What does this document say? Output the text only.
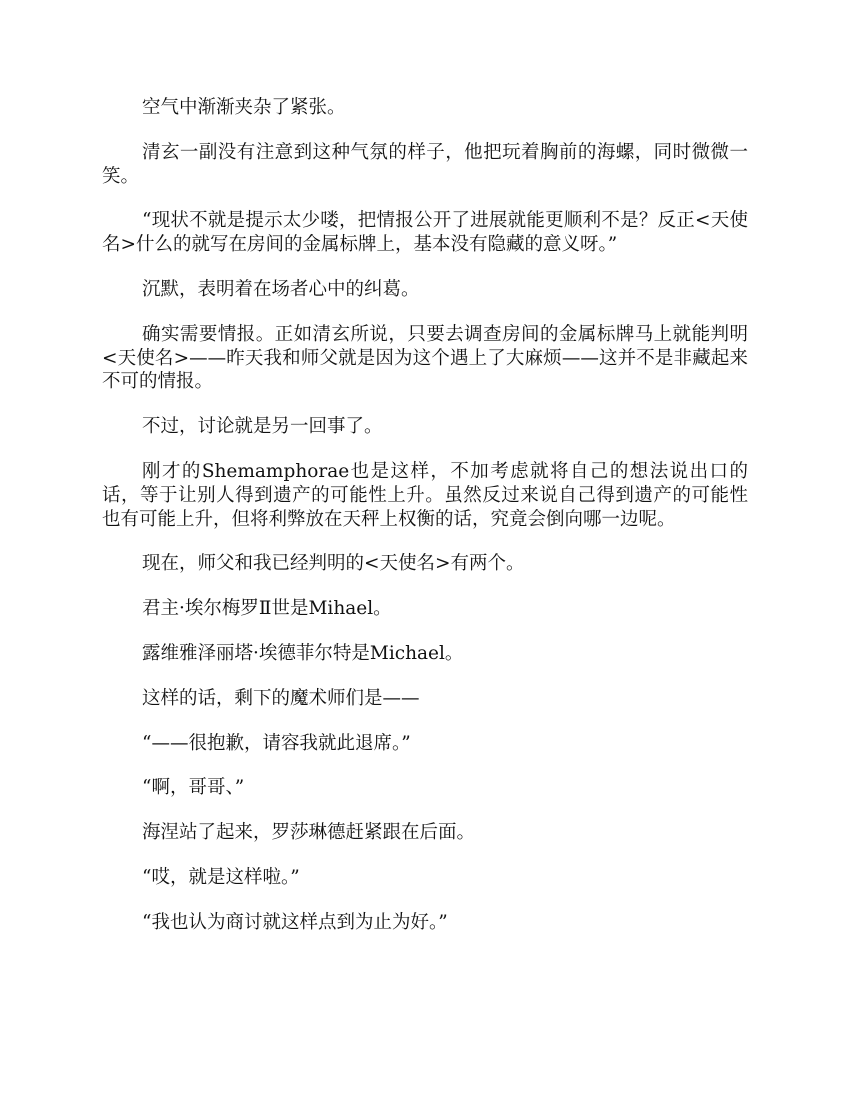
空气中渐渐夹杂了紧张。

清玄一副没有注意到这种气氛的样子，他把玩着胸前的海螺，同时微微一笑。

“现状不就是提示太少喽，把情报公开了进展就能更顺利不是？反正<天使名>什么的就写在房间的金属标牌上，基本没有隐藏的意义呀。”

沉默，表明着在场者心中的纠葛。

确实需要情报。正如清玄所说，只要去调查房间的金属标牌马上就能判明<天使名>——昨天我和师父就是因为这个遇上了大麻烦——这并不是非藏起来不可的情报。

不过，讨论就是另一回事了。

刚才的Shemamphorae也是这样，不加考虑就将自己的想法说出口的话，等于让别人得到遗产的可能性上升。虽然反过来说自己得到遗产的可能性也有可能上升，但将利弊放在天秤上权衡的话，究竟会倒向哪一边呢。

现在，师父和我已经判明的<天使名>有两个。

君主·埃尔梅罗Ⅱ世是Mihael。

露维雅泽丽塔·埃德菲尔特是Michael。

这样的话，剩下的魔术师们是——

“——很抱歉，请容我就此退席。”

“啊，哥哥、”

海涅站了起来，罗莎琳德赶紧跟在后面。

“哎，就是这样啦。”

“我也认为商讨就这样点到为止为好。”
